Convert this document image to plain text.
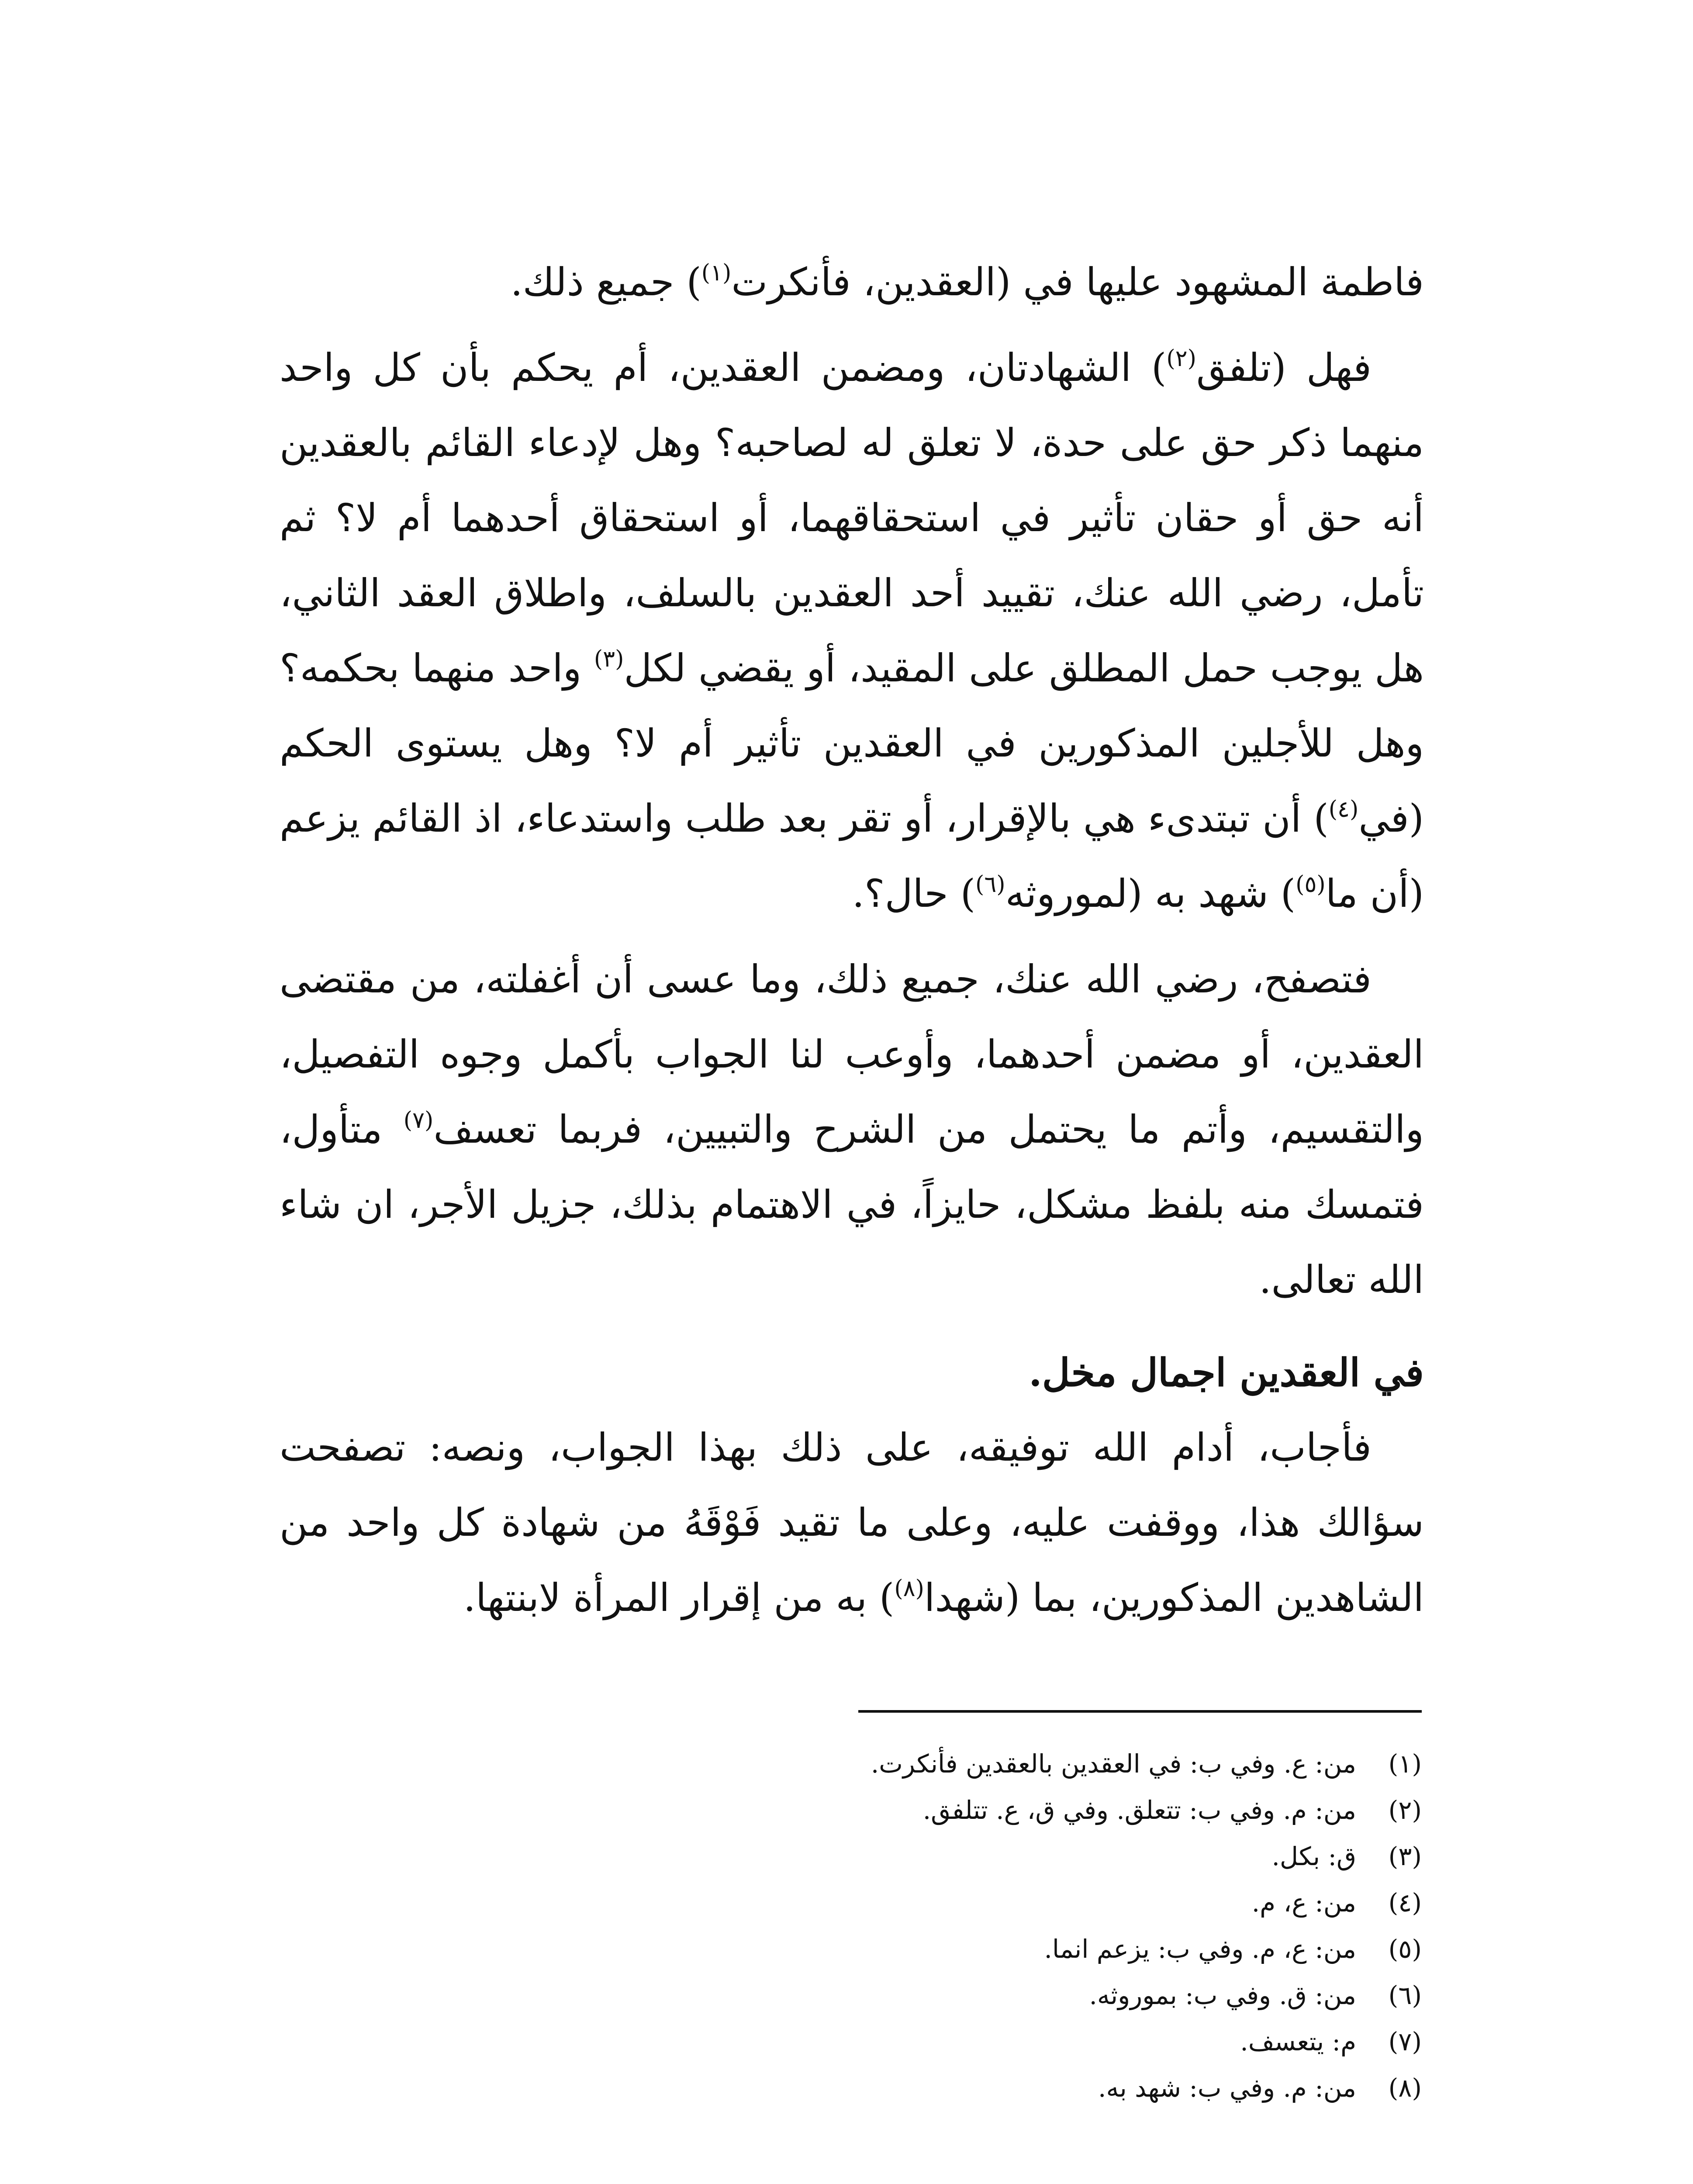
فاطمة المشهود عليها في (العقدين، فأنكرت$^{(١)}$) جميع ذلك.

فهل (تلفق$^{(٢)}$) الشهادتان، ومضمن العقدين، أم يحكم بأن كل واحد منهما ذكر حق على حدة، لا تعلق له لصاحبه؟ وهل لإدعاء القائم بالعقدين أنه حق أو حقان تأثير في استحقاقهما، أو استحقاق أحدهما أم لا؟ ثم تأمل، رضي الله عنك، تقييد أحد العقدين بالسلف، واطلاق العقد الثاني، هل يوجب حمل المطلق على المقيد، أو يقضي لكل$^{(٣)}$ واحد منهما بحكمه؟ وهل للأجلين المذكورين في العقدين تأثير أم لا؟ وهل يستوى الحكم (في$^{(٤)}$) أن تبتدىء هي بالإقرار، أو تقر بعد طلب واستدعاء، اذ القائم يزعم (أن ما$^{(٥)}$) شهد به (لموروثه$^{(٦)}$) حال؟.

فتصفح، رضي الله عنك، جميع ذلك، وما عسى أن أغفلته، من مقتضى العقدين، أو مضمن أحدهما، وأوعب لنا الجواب بأكمل وجوه التفصيل، والتقسيم، وأتم ما يحتمل من الشرح والتبيين، فربما تعسف$^{(٧)}$ متأول، فتمسك منه بلفظ مشكل، حايزاً، في الاهتمام بذلك، جزيل الأجر، ان شاء الله تعالى.

في العقدين اجمال مخل.

فأجاب، أدام الله توفيقه، على ذلك بهذا الجواب، ونصه: تصفحت سؤالك هذا، ووقفت عليه، وعلى ما تقيد فَوْقَهُ من شهادة كل واحد من الشاهدين المذكورين، بما (شهدا$^{(٨)}$) به من إقرار المرأة لابنتها.

(١)
من: ع. وفي ب: في العقدين بالعقدين فأنكرت.
(٢)
من: م. وفي ب: تتعلق. وفي ق، ع. تتلفق.
(٣)
ق: بكل.
(٤)
من: ع، م.
(٥)
من: ع، م. وفي ب: يزعم انما.
(٦)
من: ق. وفي ب: بموروثه.
(٧)
م: يتعسف.
(٨)
من: م. وفي ب: شهد به.
